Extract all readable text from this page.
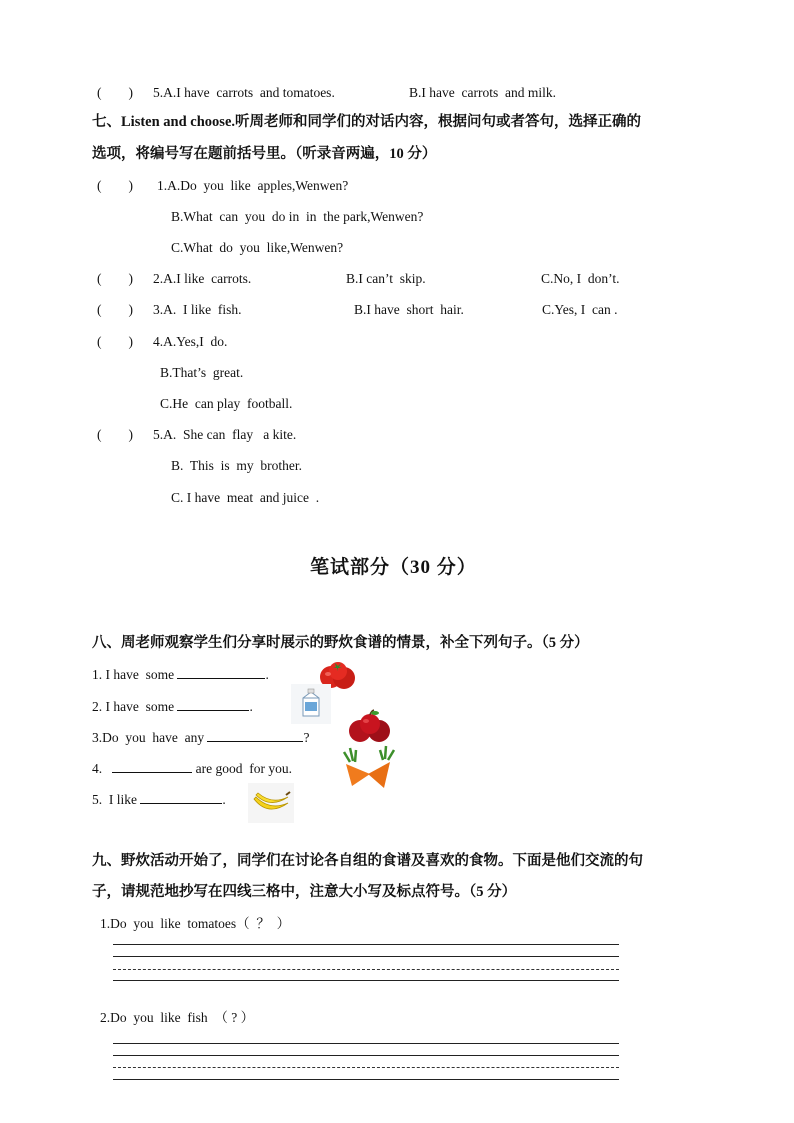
(        ) 5.A.I have  carrots  and tomatoes.	B.I have  carrots  and milk.
七、Listen and choose.听周老师和同学们的对话内容，根据问句或者答句，选择正确的
选项，将编号写在题前括号里。（听录音两遍，10 分）
(        ) 1.A.Do  you  like  apples,Wenwen?
B.What  can  you  do in  in  the park,Wenwen?
C.What  do  you  like,Wenwen?
(        ) 2.A.I like  carrots.	B.I can’t  skip.	C.No, I  don’t.
(        ) 3.A.  I like  fish.	B.I have  short  hair.	C.Yes, I  can .
(        ) 4.A.Yes,I  do.
B.That’s  great.
C.He  can play  football.
(        ) 5.A.  She can  flay   a kite.
B.  This  is  my  brother.
C. I have  meat  and juice  .
笔试部分（30 分）
八、周老师观察学生们分享时展示的野炊食谱的情景，补全下列句子。（5 分）
1. I have  some	.
2. I have  some	.
3.Do  you  have  any	?
4.	are good  for you.
5.  I like	.
九、野炊活动开始了，同学们在讨论各自组的食谱及喜欢的食物。下面是他们交流的句
子，请规范地抄写在四线三格中，注意大小写及标点符号。（5 分）
1.Do  you  like  tomatoes（  ？  ）
2.Do  you  like  fish  （ ? ）
